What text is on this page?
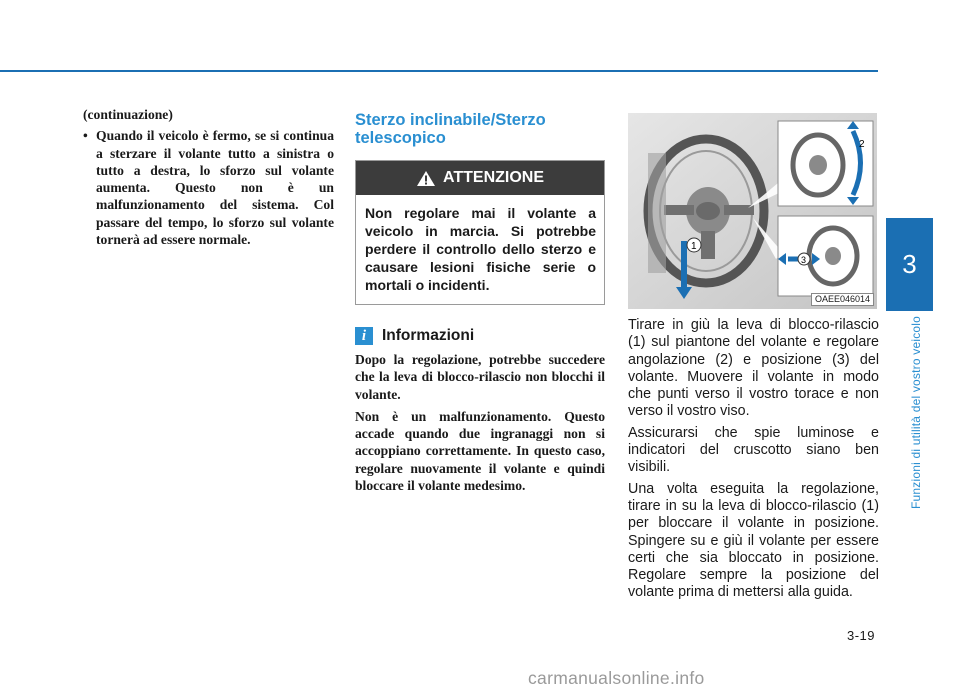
(continuazione)
• Quando il veicolo è fermo, se si continua a sterzare il volante tutto a sinistra o tutto a destra, lo sforzo sul volante aumenta. Questo non è un malfunzionamento del sistema. Col passare del tempo, lo sforzo sul volante tornerà ad essere normale.
Sterzo inclinabile/Sterzo telescopico
ATTENZIONE
Non regolare mai il volante a veicolo in marcia. Si potrebbe perdere il controllo dello sterzo e causare lesioni fisiche serie o mortali o incidenti.
i	Informazioni

Dopo la regolazione, potrebbe succedere che la leva di blocco-rilascio non blocchi il volante.

Non è un malfunzionamento. Questo accade quando due ingranaggi non si accoppiano correttamente. In questo caso, regolare nuovamente il volante e quindi bloccare il volante medesimo.

1
2
3
OAEE046014

Tirare in giù la leva di blocco-rilascio (1) sul piantone del volante e regolare angolazione (2) e posizione (3) del volante. Muovere il volante in modo che punti verso il vostro torace e non verso il vostro viso.

Assicurarsi che spie luminose e indicatori del cruscotto siano ben visibili.

Una volta eseguita la regolazione, tirare in su la leva di blocco-rilascio (1) per bloccare il volante in posizione. Spingere su e giù il volante per essere certi che sia bloccato in posizione. Regolare sempre la posizione del volante prima di mettersi alla guida.

3
Funzioni di utilità del vostro veicolo
3-19
carmanualsonline.info
